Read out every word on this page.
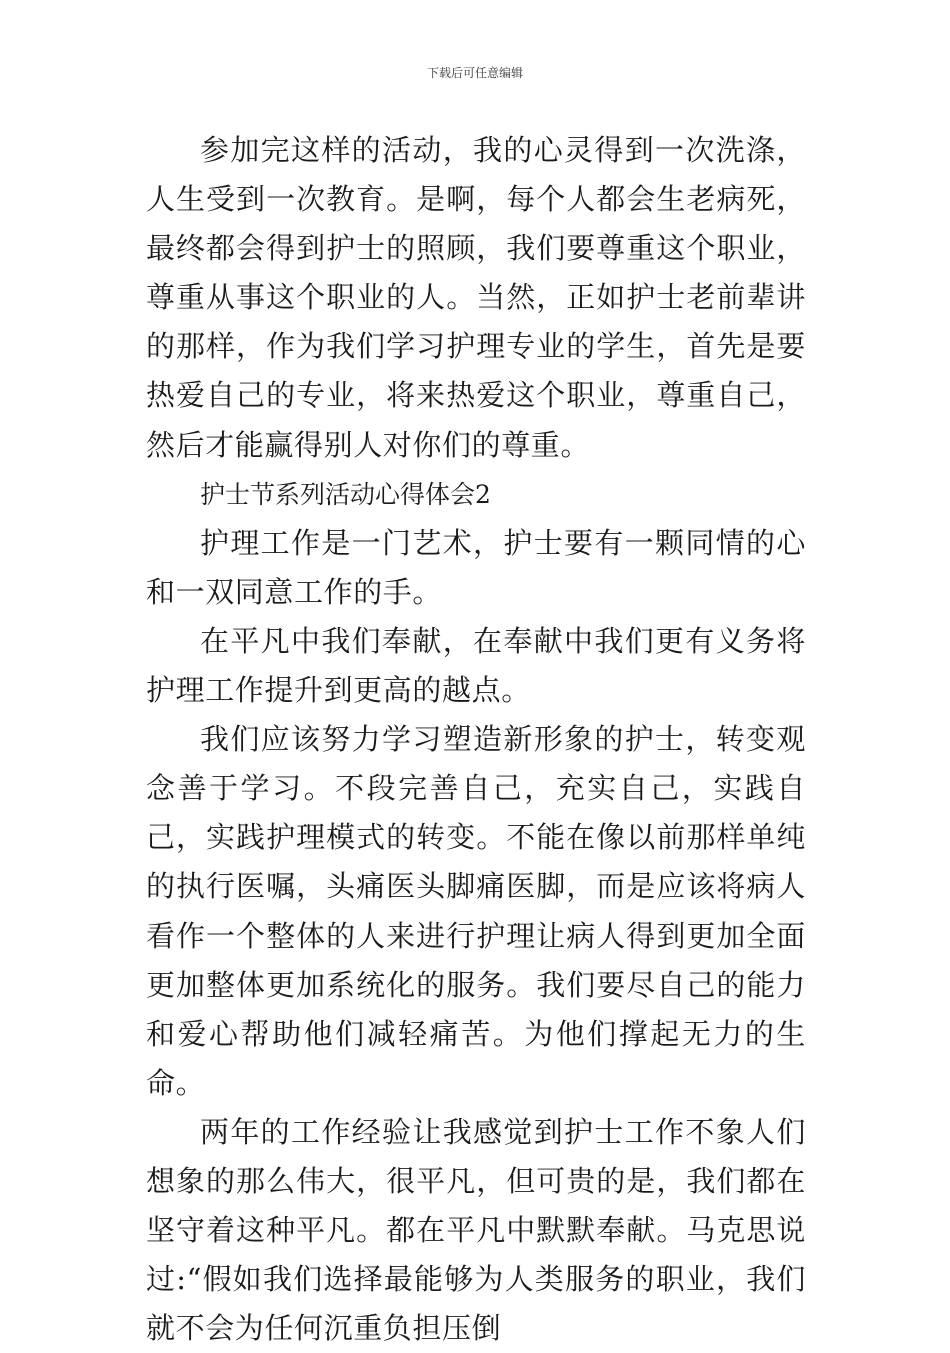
下载后可任意编辑

参加完这样的活动，我的心灵得到一次洗涤，人生受到一次教育。是啊，每个人都会生老病死，最终都会得到护士的照顾，我们要尊重这个职业，尊重从事这个职业的人。当然，正如护士老前辈讲的那样，作为我们学习护理专业的学生，首先是要热爱自己的专业，将来热爱这个职业，尊重自己，然后才能赢得别人对你们的尊重。

护士节系列活动心得体会2

护理工作是一门艺术，护士要有一颗同情的心和一双同意工作的手。

在平凡中我们奉献，在奉献中我们更有义务将护理工作提升到更高的越点。

我们应该努力学习塑造新形象的护士，转变观念善于学习。不段完善自己，充实自己，实践自己，实践护理模式的转变。不能在像以前那样单纯的执行医嘱，头痛医头脚痛医脚，而是应该将病人看作一个整体的人来进行护理让病人得到更加全面更加整体更加系统化的服务。我们要尽自己的能力和爱心帮助他们减轻痛苦。为他们撑起无力的生命。

两年的工作经验让我感觉到护士工作不象人们想象的那么伟大，很平凡，但可贵的是，我们都在坚守着这种平凡。都在平凡中默默奉献。马克思说过:“假如我们选择最能够为人类服务的职业，我们就不会为任何沉重负担压倒
